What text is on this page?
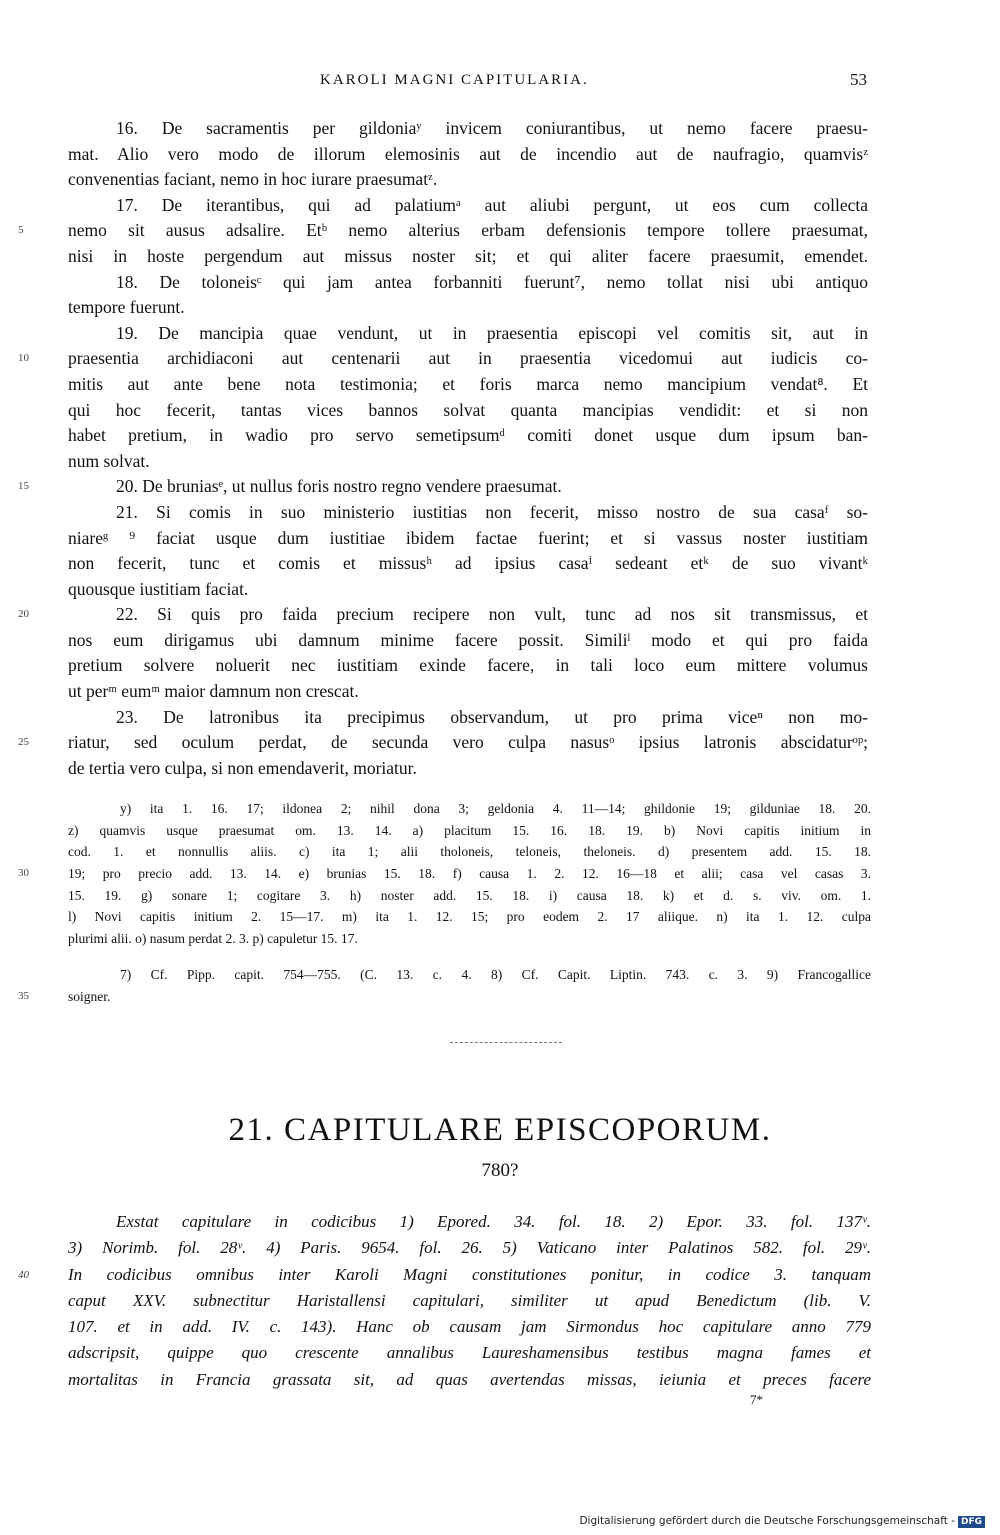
KAROLI MAGNI CAPITULARIA.	53
16. De sacramentis per gildoniaʸ invicem coniurantibus, ut nemo facere praesu-
mat. Alio vero modo de illorum elemosinis aut de incendio aut de naufragio, quamvisᶻ
convenentias faciant, nemo in hoc iurare praesumatᶻ.
17. De iterantibus, qui ad palatiumᵃ aut aliubi pergunt, ut eos cum collecta
5	nemo sit ausus adsalire. Etᵇ nemo alterius erbam defensionis tempore tollere praesumat,
nisi in hoste pergendum aut missus noster sit; et qui aliter facere praesumit, emendet.
18. De toloneisᶜ qui jam antea forbanniti fuerunt⁷, nemo tollat nisi ubi antiquo
tempore fuerunt.
19. De mancipia quae vendunt, ut in praesentia episcopi vel comitis sit, aut in
10	praesentia archidiaconi aut centenarii aut in praesentia vicedomui aut iudicis co-
mitis aut ante bene nota testimonia; et foris marca nemo mancipium vendat⁸. Et
qui hoc fecerit, tantas vices bannos solvat quanta mancipias vendidit: et si non
habet pretium, in wadio pro servo semetipsumᵈ comiti donet usque dum ipsum ban-
num solvat.
15	20. De bruniasᵉ, ut nullus foris nostro regno vendere praesumat.
21. Si comis in suo ministerio iustitias non fecerit, misso nostro de sua casaᶠ so-
niareᵍ ⁹ faciat usque dum iustitiae ibidem factae fuerint; et si vassus noster iustitiam
non fecerit, tunc et comis et missusʰ ad ipsius casaⁱ sedeant etᵏ de suo vivantᵏ
quousque iustitiam faciat.
20	22. Si quis pro faida precium recipere non vult, tunc ad nos sit transmissus, et
nos eum dirigamus ubi damnum minime facere possit. Similiˡ modo et qui pro faida
pretium solvere noluerit nec iustitiam exinde facere, in tali loco eum mittere volumus
ut perᵐ eumᵐ maior damnum non crescat.
23. De latronibus ita precipimus observandum, ut pro prima viceⁿ non mo-
25	riatur, sed oculum perdat, de secunda vero culpa nasusᵒ ipsius latronis abscidaturᵒᵖ;
de tertia vero culpa, si non emendaverit, moriatur.
y) ita 1. 16. 17; ildonea 2; nihil dona 3; geldonia 4. 11—14; ghildonie 19; gilduniae 18. 20.
z) quamvis usque praesumat om. 13. 14. a) placitum 15. 16. 18. 19. b) Novi capitis initium in
cod. 1. et nonnullis aliis. c) ita 1; alii tholoneis, teloneis, theloneis. d) presentem add. 15. 18.
30	19; pro precio add. 13. 14. e) brunias 15. 18. f) causa 1. 2. 12. 16—18 et alii; casa vel casas 3.
15. 19. g) sonare 1; cogitare 3. h) noster add. 15. 18. i) causa 18. k) et d. s. viv. om. 1.
l) Novi capitis initium 2. 15—17. m) ita 1. 12. 15; pro eodem 2. 17 aliique. n) ita 1. 12. culpa
plurimi alii. o) nasum perdat 2. 3. p) capuletur 15. 17.
7) Cf. Pipp. capit. 754—755. (C. 13. c. 4. 8) Cf. Capit. Liptin. 743. c. 3. 9) Francogallice
35	soigner.
21. CAPITULARE EPISCOPORUM.
780?
Exstat capitulare in codicibus 1) Epored. 34. fol. 18. 2) Epor. 33. fol. 137ᵛ.
3) Norimb. fol. 28ᵛ. 4) Paris. 9654. fol. 26. 5) Vaticano inter Palatinos 582. fol. 29ᵛ.
40	In codicibus omnibus inter Karoli Magni constitutiones ponitur, in codice 3. tanquam
caput XXV. subnectitur Haristallensi capitulari, similiter ut apud Benedictum (lib. V.
107. et in add. IV. c. 143). Hanc ob causam jam Sirmondus hoc capitulare anno 779
adscripsit, quippe quo crescente annalibus Laureshamensibus testibus magna fames et
mortalitas in Francia grassata sit, ad quas avertendas missas, ieiunia et preces facere
7*
Digitalisierung gefördert durch die Deutsche Forschungsgemeinschaft - DFG
